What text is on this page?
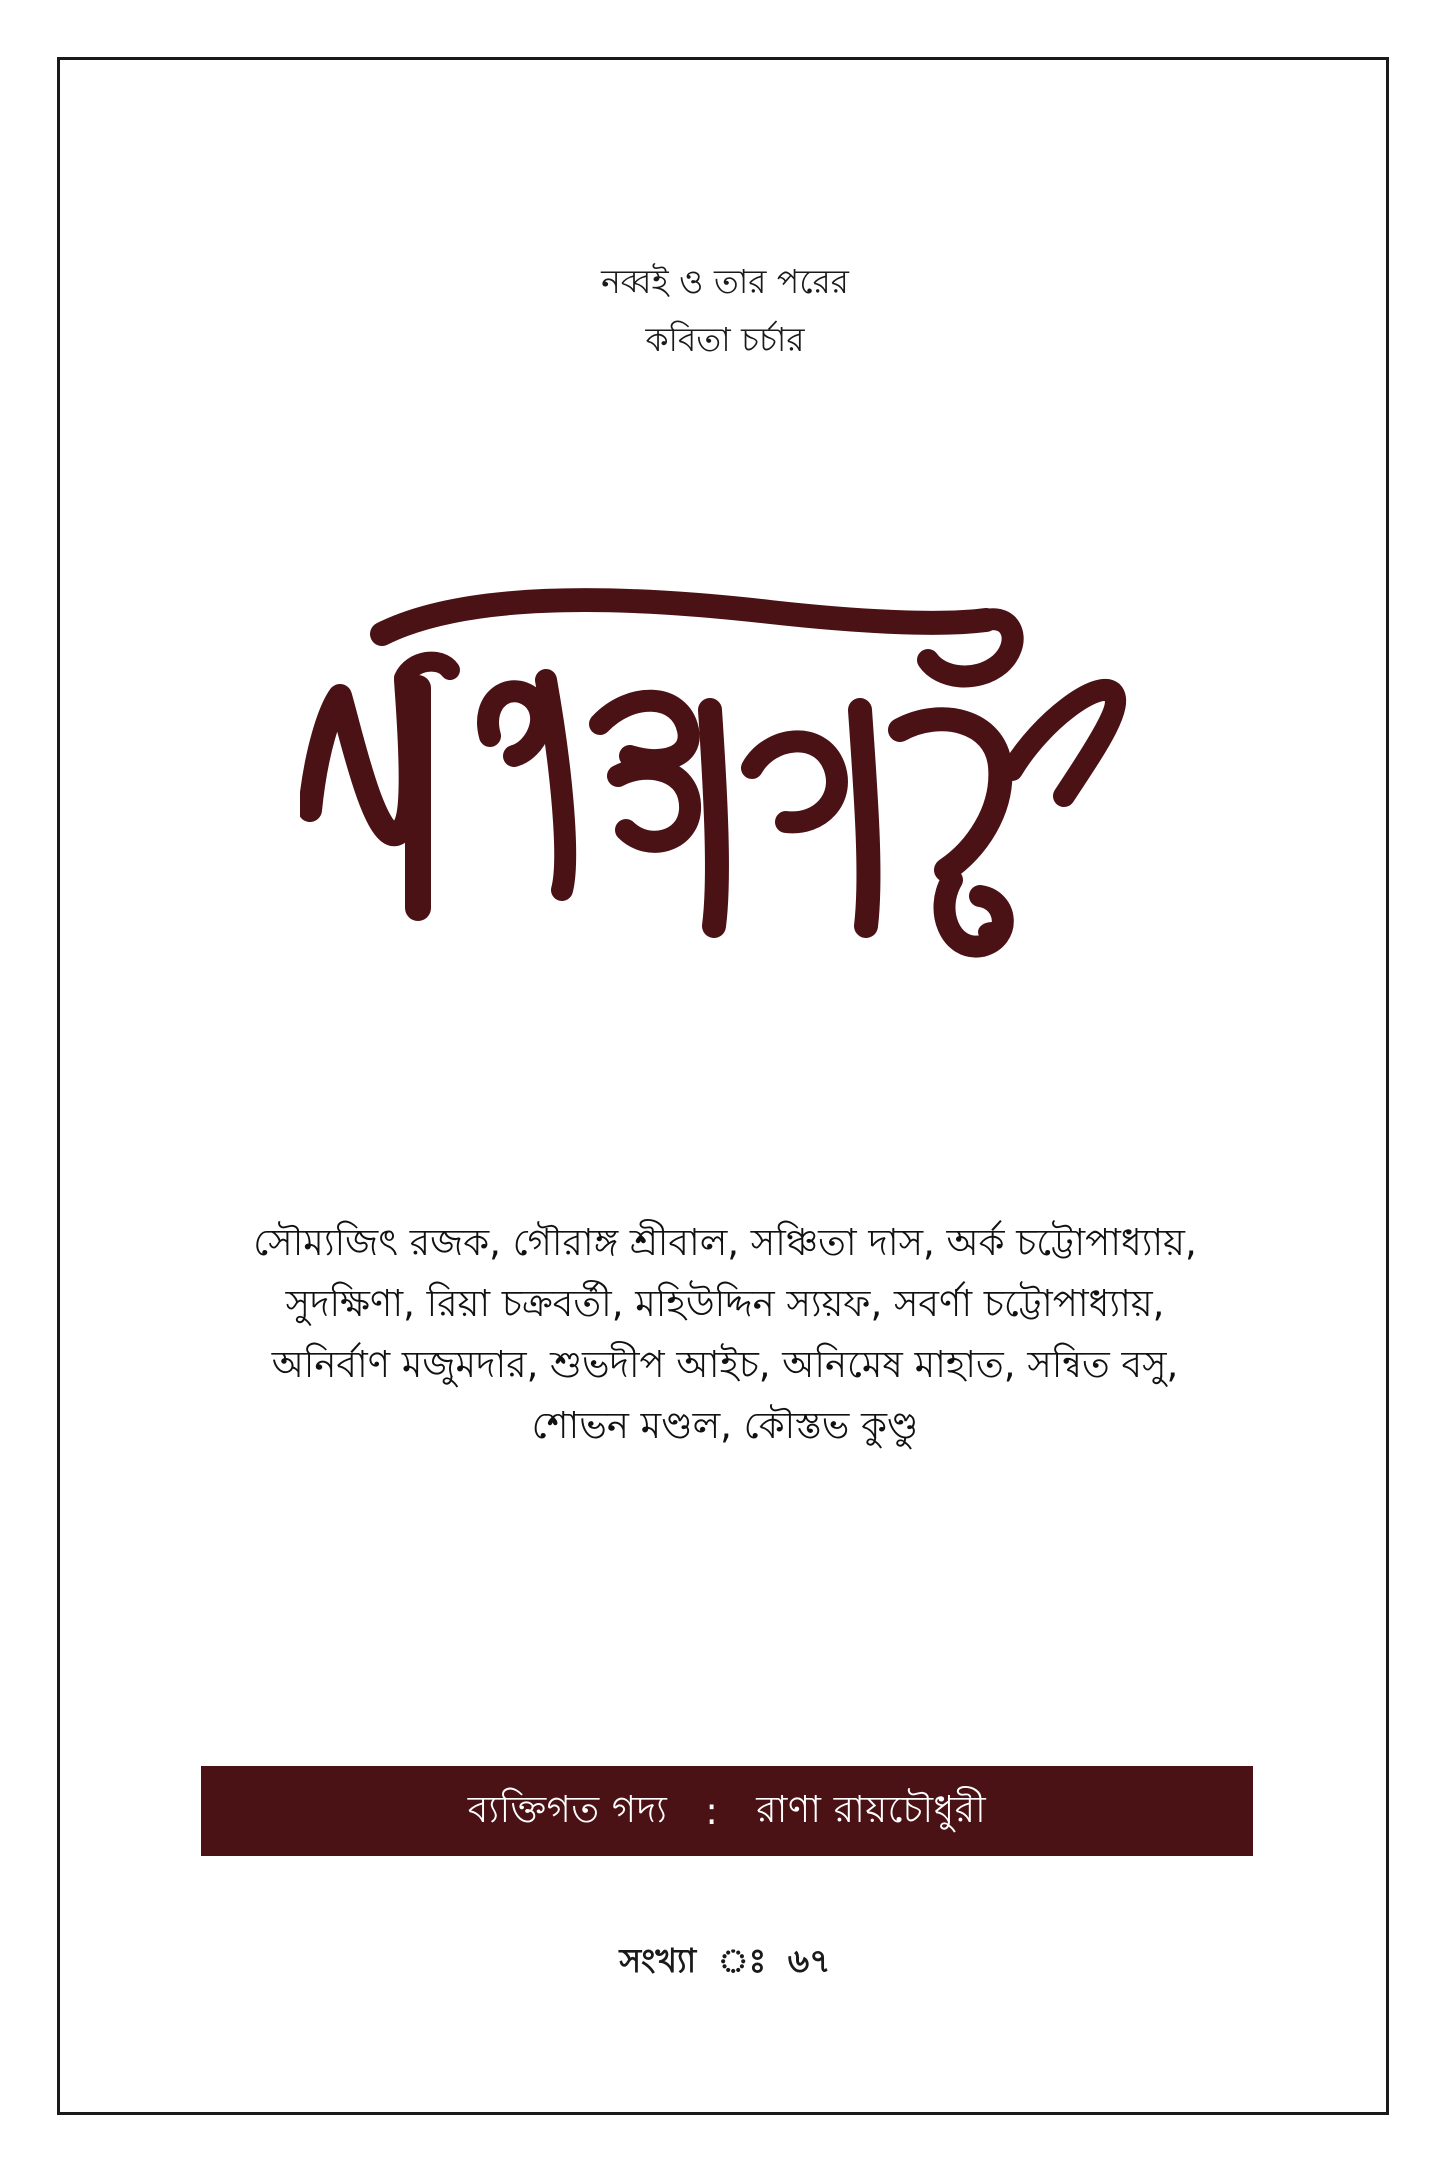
নব্বই ও তার পরের
কবিতা চর্চার
সৌম্যজিৎ রজক, গৌরাঙ্গ শ্রীবাল, সঞ্চিতা দাস, অর্ক চট্টোপাধ্যায়,
সুদক্ষিণা, রিয়া চক্রবর্তী, মহিউদ্দিন স্যয়ফ, সবর্ণা চট্টোপাধ্যায়,
অনির্বাণ মজুমদার, শুভদীপ আইচ, অনিমেষ মাহাত, সন্বিত বসু,
শোভন মণ্ডল, কৌস্তভ কুণ্ডু
ব্যক্তিগত গদ্য : রাণা রায়চৌধুরী
সংখ্যা ঃ ৬৭
